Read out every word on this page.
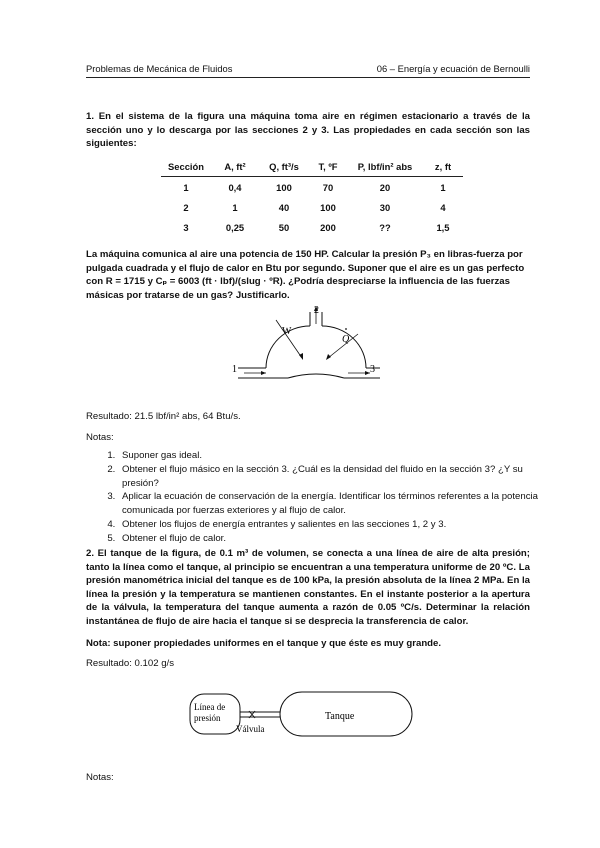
Problemas de Mecánica de Fluidos	06 – Energía y ecuación de Bernoulli
1. En el sistema de la figura una máquina toma aire en régimen estacionario a través de la sección uno y lo descarga por las secciones 2 y 3. Las propiedades en cada sección son las siguientes:
Sección	A, ft²	Q, ft³/s	T, ºF	P, lbf/in² abs	z, ft
1	0,4	100	70	20	1
2	1	40	100	30	4
3	0,25	50	200	??	1,5
La máquina comunica al aire una potencia de 150 HP. Calcular la presión P₃ en libras-fuerza por
pulgada cuadrada y el flujo de calor en Btu por segundo. Suponer que el aire es un gas perfecto
con R = 1715 y Cₚ = 6003 (ft · lbf)/(slug · ºR). ¿Podría despreciarse la influencia de las fuerzas
másicas por tratarse de un gas? Justificarlo.
1	3
2
W
Q
Resultado: 21.5 lbf/in² abs, 64 Btu/s.
Notas:
1. Suponer gas ideal.
2. Obtener el flujo másico en la sección 3. ¿Cuál es la densidad del fluido en la sección 3? ¿Y su presión?
3. Aplicar la ecuación de conservación de la energía. Identificar los términos referentes a la potencia comunicada por fuerzas exteriores y al flujo de calor.
4. Obtener los flujos de energía entrantes y salientes en las secciones 1, 2 y 3.
5. Obtener el flujo de calor.
2. El tanque de la figura, de 0.1 m³ de volumen, se conecta a una línea de aire de alta presión; tanto la línea como el tanque, al principio se encuentran a una temperatura uniforme de 20 ºC. La presión manométrica inicial del tanque es de 100 kPa, la presión absoluta de la línea 2 MPa. En la línea la presión y la temperatura se mantienen constantes. En el instante posterior a la apertura de la válvula, la temperatura del tanque aumenta a razón de 0.05 ºC/s. Determinar la relación instantánea de flujo de aire hacia el tanque si se desprecia la transferencia de calor.
Nota: suponer propiedades uniformes en el tanque y que éste es muy grande.
Resultado: 0.102 g/s
Línea de
presión
Válvula
Tanque
Notas:
